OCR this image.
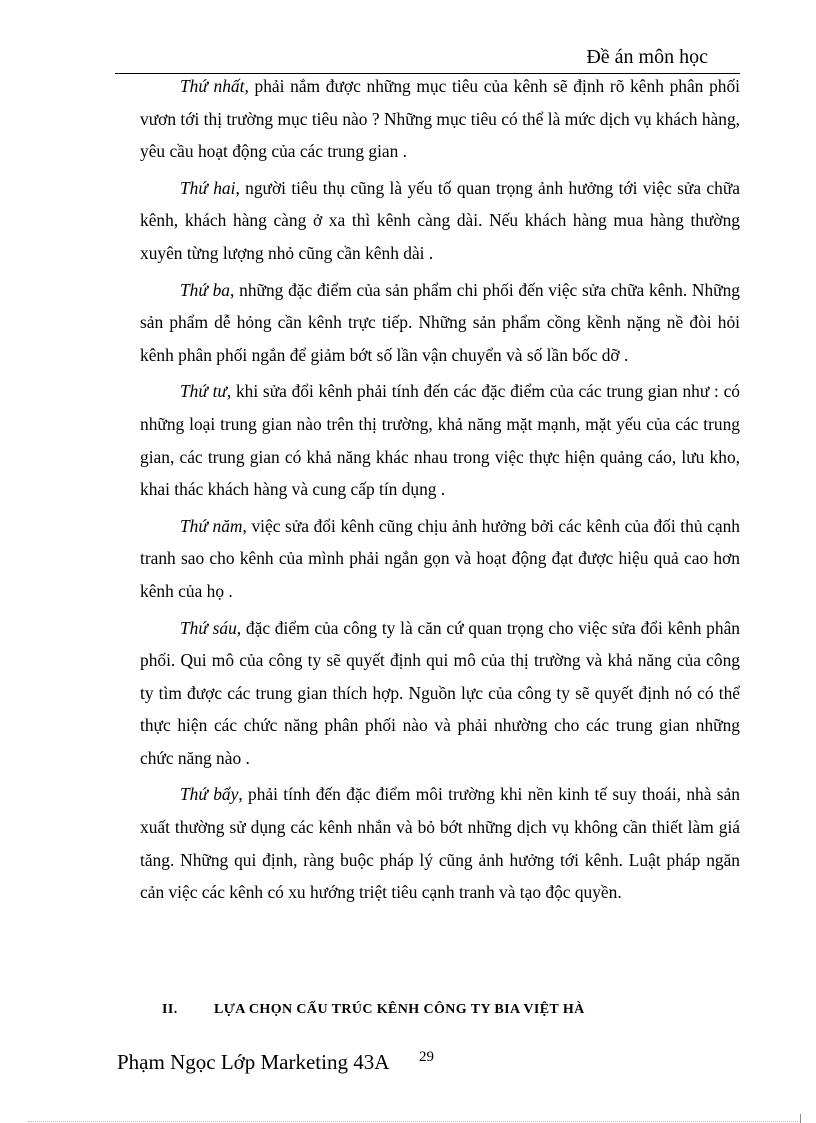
Đề án môn học

Thứ nhất, phải nắm được những mục tiêu của kênh sẽ định rõ kênh phân phối vươn tới thị trường mục tiêu nào ? Những mục tiêu có thể là mức dịch vụ khách hàng, yêu cầu hoạt động của các trung gian .

Thứ hai, người tiêu thụ cũng là yếu tố quan trọng ảnh hưởng tới việc sửa chữa kênh, khách hàng càng ở xa thì kênh càng dài. Nếu khách hàng mua hàng thường xuyên từng lượng nhỏ cũng cần kênh dài .

Thứ ba, những đặc điểm của sản phẩm chi phối đến việc sửa chữa kênh. Những sản phẩm dễ hỏng cần kênh trực tiếp. Những sản phẩm cồng kềnh nặng nề đòi hỏi kênh phân phối ngắn để giảm bớt số lần vận chuyển và số lần bốc dỡ .

Thứ tư, khi sửa đổi kênh phải tính đến các đặc điểm của các trung gian như : có những loại trung gian nào trên thị trường, khả năng mặt mạnh, mặt yếu của các trung gian, các trung gian có khả năng khác nhau trong việc thực hiện quảng cáo, lưu kho, khai thác khách hàng và cung cấp tín dụng .

Thứ năm, việc sửa đổi kênh cũng chịu ảnh hưởng bởi các kênh của đối thủ cạnh tranh sao cho kênh của mình phải ngắn gọn và hoạt động đạt được hiệu quả cao hơn kênh của họ .

Thứ sáu, đặc điểm của công ty là căn cứ quan trọng cho việc sửa đổi kênh phân phối. Qui mô của công ty sẽ quyết định qui mô của thị trường và khả năng của công ty tìm được các trung gian thích hợp. Nguồn lực của công ty sẽ quyết định nó có thể thực hiện các chức năng phân phối nào và phải nhường cho các trung gian những chức năng nào .

Thứ bẩy, phải tính đến đặc điểm môi trường khi nền kinh tế suy thoái, nhà sản xuất thường sử dụng các kênh nhắn và bỏ bớt những dịch vụ không cần thiết làm giá tăng. Những qui định, ràng buộc pháp lý cũng ảnh hưởng tới kênh. Luật pháp ngăn cản việc các kênh có xu hướng triệt tiêu cạnh tranh và tạo độc quyền.

II.	LỰA CHỌN CẤU TRÚC KÊNH CÔNG TY BIA VIỆT HÀ
Phạm Ngọc Lớp Marketing 43A 29
